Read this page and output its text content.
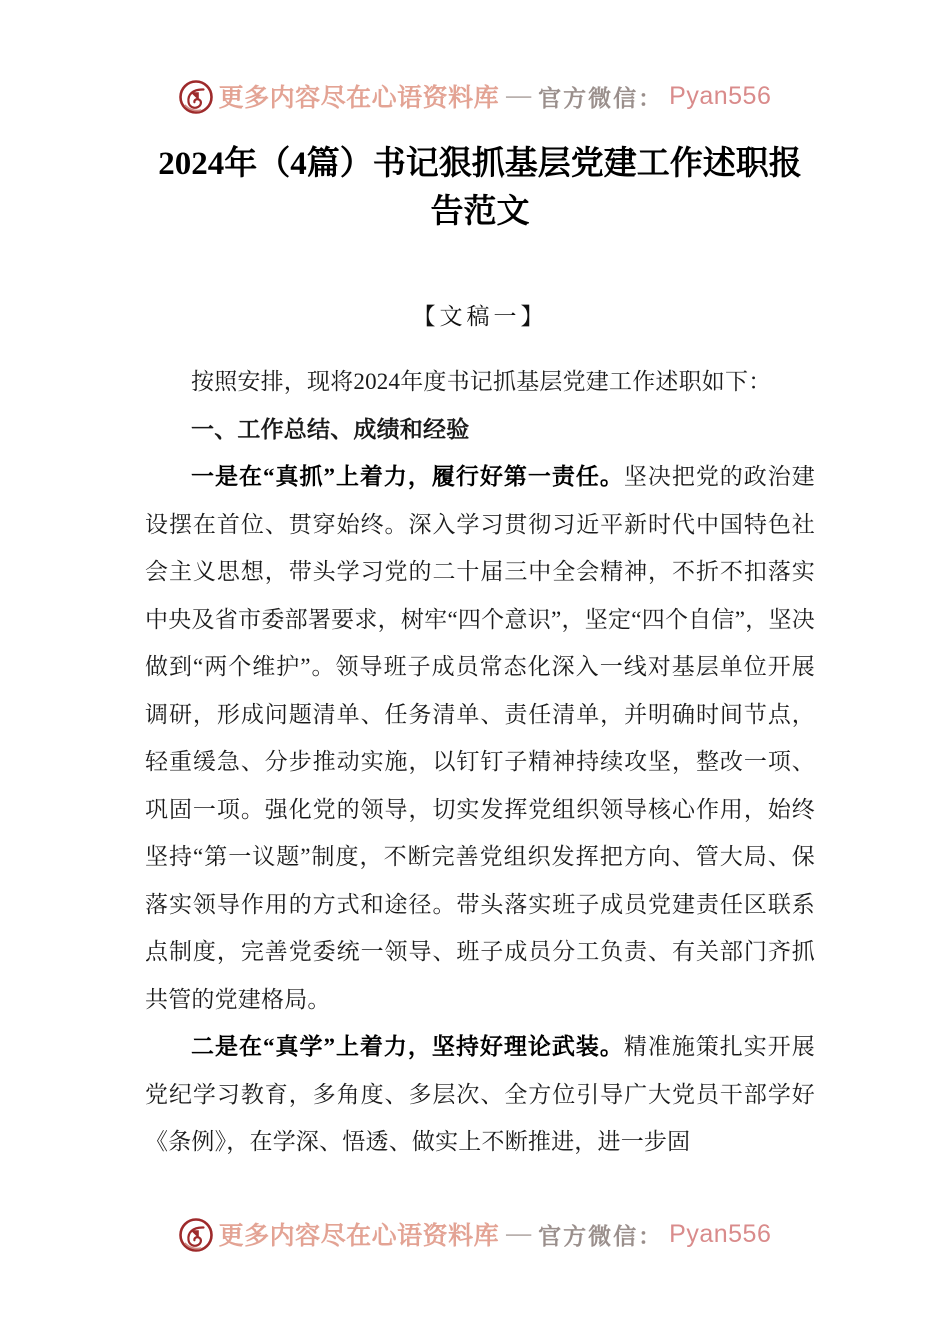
更多内容尽在心语资料库 — 官方微信： Pyan556
2024年（4篇）书记狠抓基层党建工作述职报告范文
【文稿一】

按照安排，现将2024年度书记抓基层党建工作述职如下：

一、工作总结、成绩和经验

一是在“真抓”上着力，履行好第一责任。坚决把党的政治建设摆在首位、贯穿始终。深入学习贯彻习近平新时代中国特色社会主义思想，带头学习党的二十届三中全会精神，不折不扣落实中央及省市委部署要求，树牢“四个意识”，坚定“四个自信”，坚决做到“两个维护”。领导班子成员常态化深入一线对基层单位开展调研，形成问题清单、任务清单、责任清单，并明确时间节点，轻重缓急、分步推动实施，以钉钉子精神持续攻坚，整改一项、巩固一项。强化党的领导，切实发挥党组织领导核心作用，始终坚持“第一议题”制度，不断完善党组织发挥把方向、管大局、保落实领导作用的方式和途径。带头落实班子成员党建责任区联系点制度，完善党委统一领导、班子成员分工负责、有关部门齐抓共管的党建格局。

二是在“真学”上着力，坚持好理论武装。精准施策扎实开展党纪学习教育，多角度、多层次、全方位引导广大党员干部学好《条例》，在学深、悟透、做实上不断推进，进一步固

更多内容尽在心语资料库 — 官方微信： Pyan556
